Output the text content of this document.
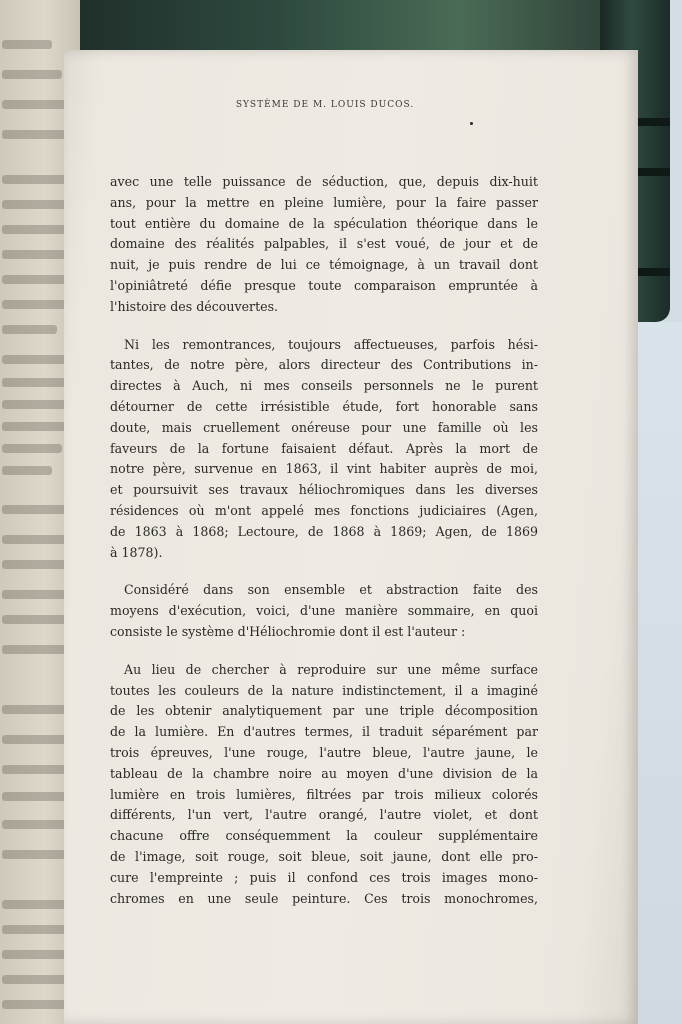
SYSTÈME DE M. LOUIS DUCOS.

avec une telle puissance de séduction, que, depuis dix-huit
ans, pour la mettre en pleine lumière, pour la faire passer
tout entière du domaine de la spéculation théorique dans le
domaine des réalités palpables, il s'est voué, de jour et de
nuit, je puis rendre de lui ce témoignage, à un travail dont
l'opiniâtreté défie presque toute comparaison empruntée à
l'histoire des découvertes.

Ni les remontrances, toujours affectueuses, parfois hési-
tantes, de notre père, alors directeur des Contributions in-
directes à Auch, ni mes conseils personnels ne le purent
détourner de cette irrésistible étude, fort honorable sans
doute, mais cruellement onéreuse pour une famille où les
faveurs de la fortune faisaient défaut. Après la mort de
notre père, survenue en 1863, il vint habiter auprès de moi,
et poursuivit ses travaux héliochromiques dans les diverses
résidences où m'ont appelé mes fonctions judiciaires (Agen,
de 1863 à 1868; Lectoure, de 1868 à 1869; Agen, de 1869
à 1878).

Considéré dans son ensemble et abstraction faite des
moyens d'exécution, voici, d'une manière sommaire, en quoi
consiste le système d'Héliochromie dont il est l'auteur :

Au lieu de chercher à reproduire sur une même surface
toutes les couleurs de la nature indistinctement, il a imaginé
de les obtenir analytiquement par une triple décomposition
de la lumière. En d'autres termes, il traduit séparément par
trois épreuves, l'une rouge, l'autre bleue, l'autre jaune, le
tableau de la chambre noire au moyen d'une division de la
lumière en trois lumières, filtrées par trois milieux colorés
différents, l'un vert, l'autre orangé, l'autre violet, et dont
chacune offre conséquemment la couleur supplémentaire
de l'image, soit rouge, soit bleue, soit jaune, dont elle pro-
cure l'empreinte ; puis il confond ces trois images mono-
chromes en une seule peinture. Ces trois monochromes,
